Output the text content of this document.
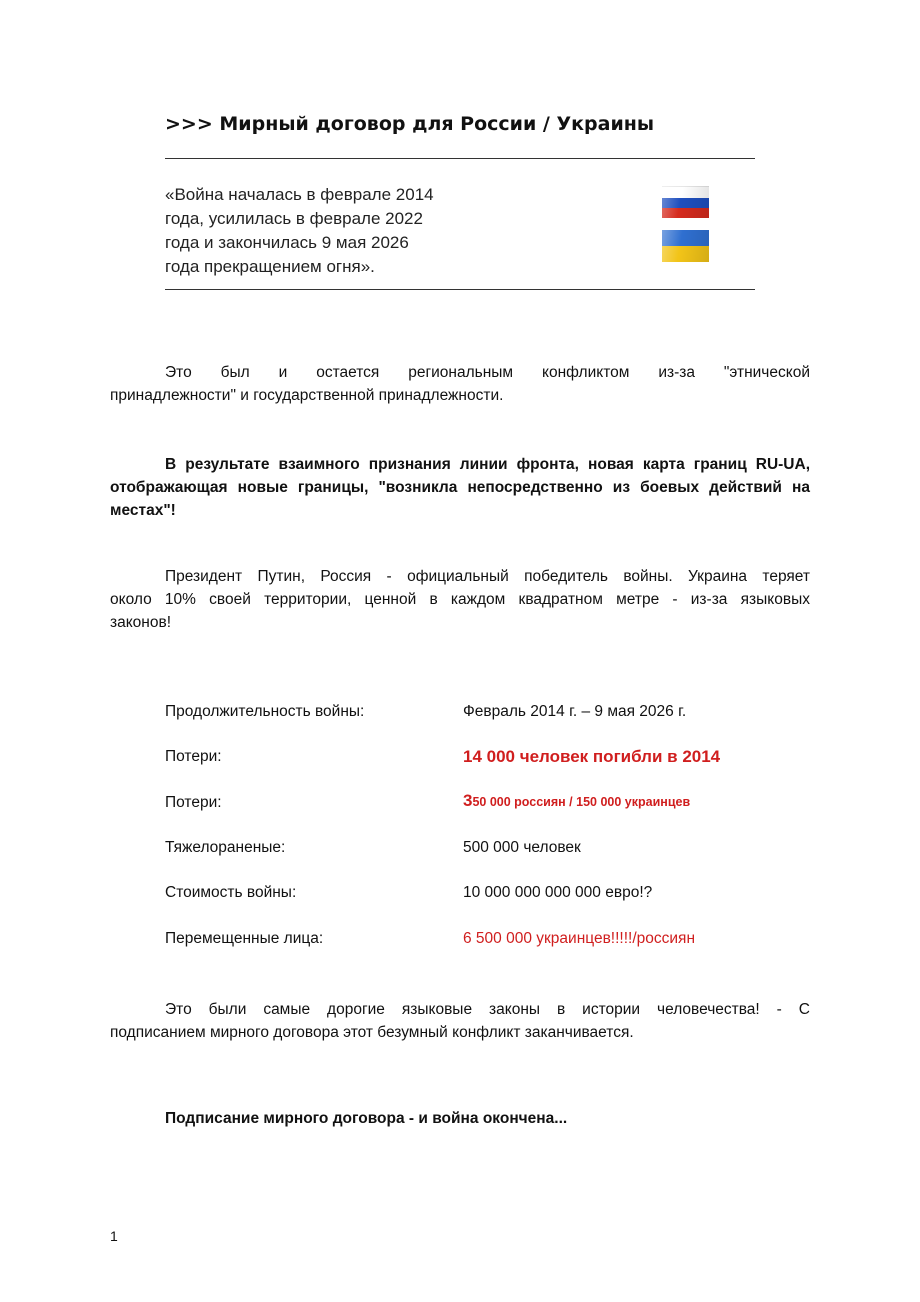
>>> Мирный договор для России / Украины
«Война началась в феврале 2014
года, усилилась в феврале 2022
года и закончилась 9 мая 2026
года прекращением огня».
Это был и остается региональным конфликтом из-за "этнической
принадлежности" и государственной принадлежности.
В результате взаимного признания линии фронта, новая карта границ RU-UA,
отображающая новые границы, "возникла непосредственно из боевых действий на
местах"!
Президент Путин, Россия - официальный победитель войны. Украина теряет
около 10% своей территории, ценной в каждом квадратном метре - из-за языковых
законов!
Продолжительность войны:	Февраль 2014 г. – 9 мая 2026 г.
Потери:	14 000 человек погибли в 2014
Потери:	350 000 россиян / 150 000 украинцев
Тяжелораненые:	500 000 человек
Стоимость войны:	10 000 000 000 000 евро!?
Перемещенные лица:	6 500 000 украинцев!!!!!/россиян
Это были самые дорогие языковые законы в истории человечества! - С
подписанием мирного договора этот безумный конфликт заканчивается.
Подписание мирного договора - и война окончена...
1
